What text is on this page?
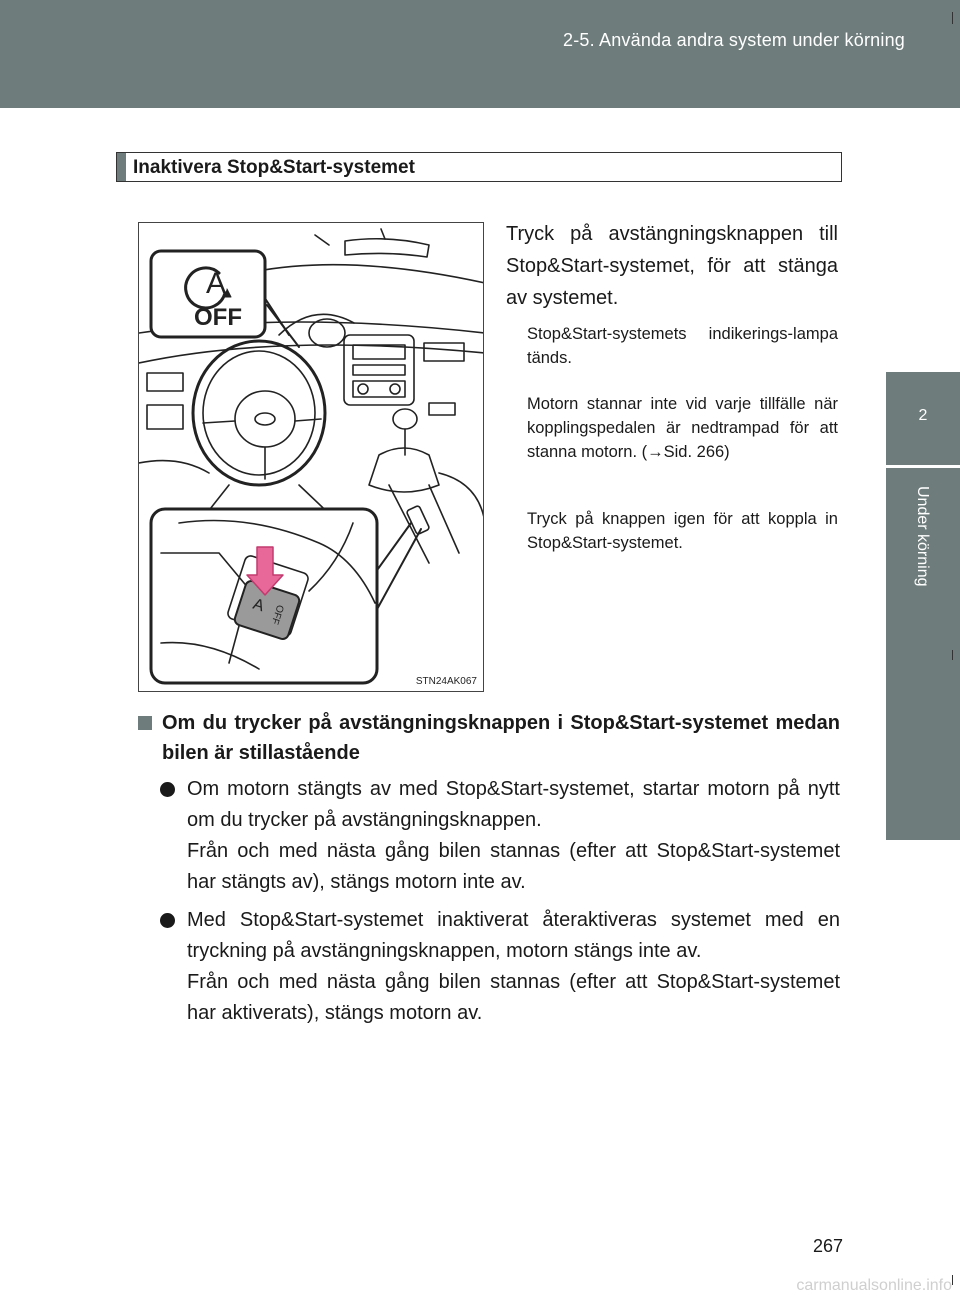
2-5. Använda andra system under körning
2
Under körning
Inaktivera Stop&Start-systemet
A
OFF
A OFF
STN24AK067
Tryck på avstängningsknappen till Stop&Start-systemet, för att stänga av systemet.
Stop&Start-systemets indikerings-lampa tänds.
Motorn stannar inte vid varje tillfälle när kopplingspedalen är nedtrampad för att stanna motorn. (→Sid. 266)
Tryck på knappen igen för att koppla in Stop&Start-systemet.
Om du trycker på avstängningsknappen i Stop&Start-systemet medan bilen är stillastående
Om motorn stängts av med Stop&Start-systemet, startar motorn på nytt om du trycker på avstängningsknappen.
Från och med nästa gång bilen stannas (efter att Stop&Start-systemet har stängts av), stängs motorn inte av.
Med Stop&Start-systemet inaktiverat återaktiveras systemet med en tryckning på avstängningsknappen, motorn stängs inte av.
Från och med nästa gång bilen stannas (efter att Stop&Start-systemet har aktiverats), stängs motorn av.
267
carmanualsonline.info
